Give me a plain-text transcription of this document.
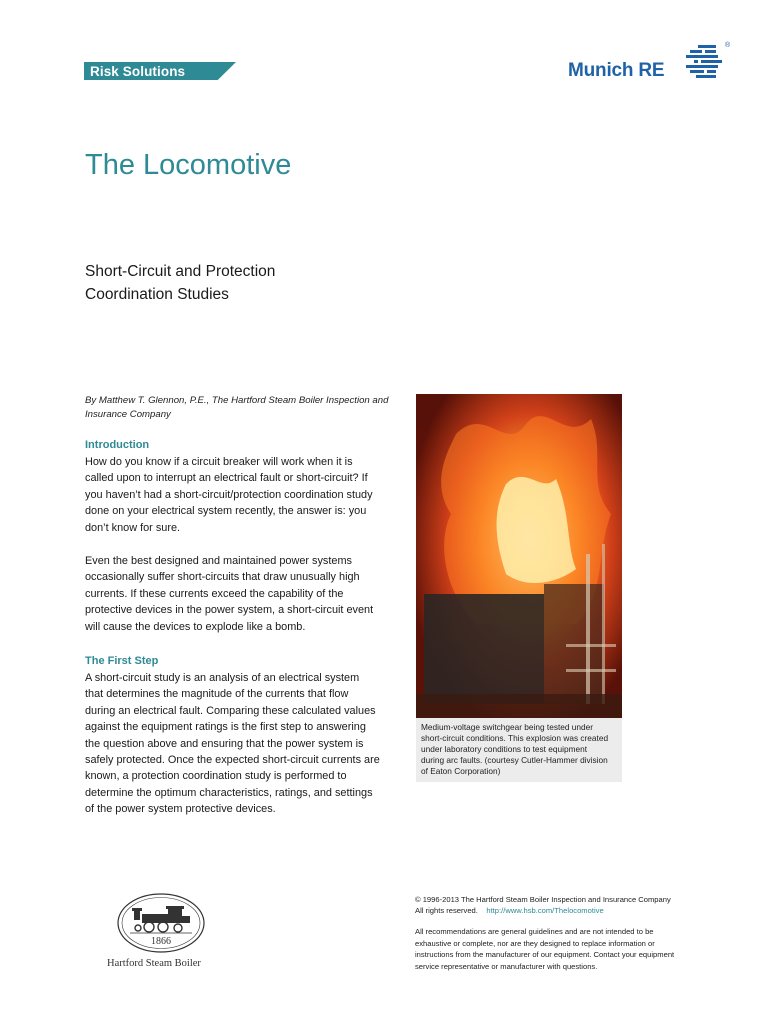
Risk Solutions	Munich RE
®
The Locomotive
Short-Circuit and Protection
Coordination Studies
By Matthew T. Glennon, P.E., The Hartford Steam Boiler Inspection and Insurance Company
Introduction
How do you know if a circuit breaker will work when it is
called upon to interrupt an electrical fault or short-circuit? If
you haven’t had a short-circuit/protection coordination study
done on your electrical system recently, the answer is: you
don’t know for sure.
Even the best designed and maintained power systems
occasionally suffer short-circuits that draw unusually high
currents. If these currents exceed the capability of the
protective devices in the power system, a short-circuit event
will cause the devices to explode like a bomb.
The First Step
A short-circuit study is an analysis of an electrical system
that determines the magnitude of the currents that flow
during an electrical fault. Comparing these calculated values
against the equipment ratings is the first step to answering
the question above and ensuring that the power system is
safely protected. Once the expected short-circuit currents are
known, a protection coordination study is performed to
determine the optimum characteristics, ratings, and settings
of the power system protective devices.
Medium-voltage switchgear being tested under
short-circuit conditions. This explosion was created
under laboratory conditions to test equipment
during arc faults. (courtesy Cutler-Hammer division
of Eaton Corporation)
1866
Hartford Steam Boiler
© 1996-2013 The Hartford Steam Boiler Inspection and Insurance Company
All rights reserved. http://www.hsb.com/Thelocomotive
All recommendations are general guidelines and are not intended to be
exhaustive or complete, nor are they designed to replace information or
instructions from the manufacturer of our equipment. Contact your equipment
service representative or manufacturer with questions.
